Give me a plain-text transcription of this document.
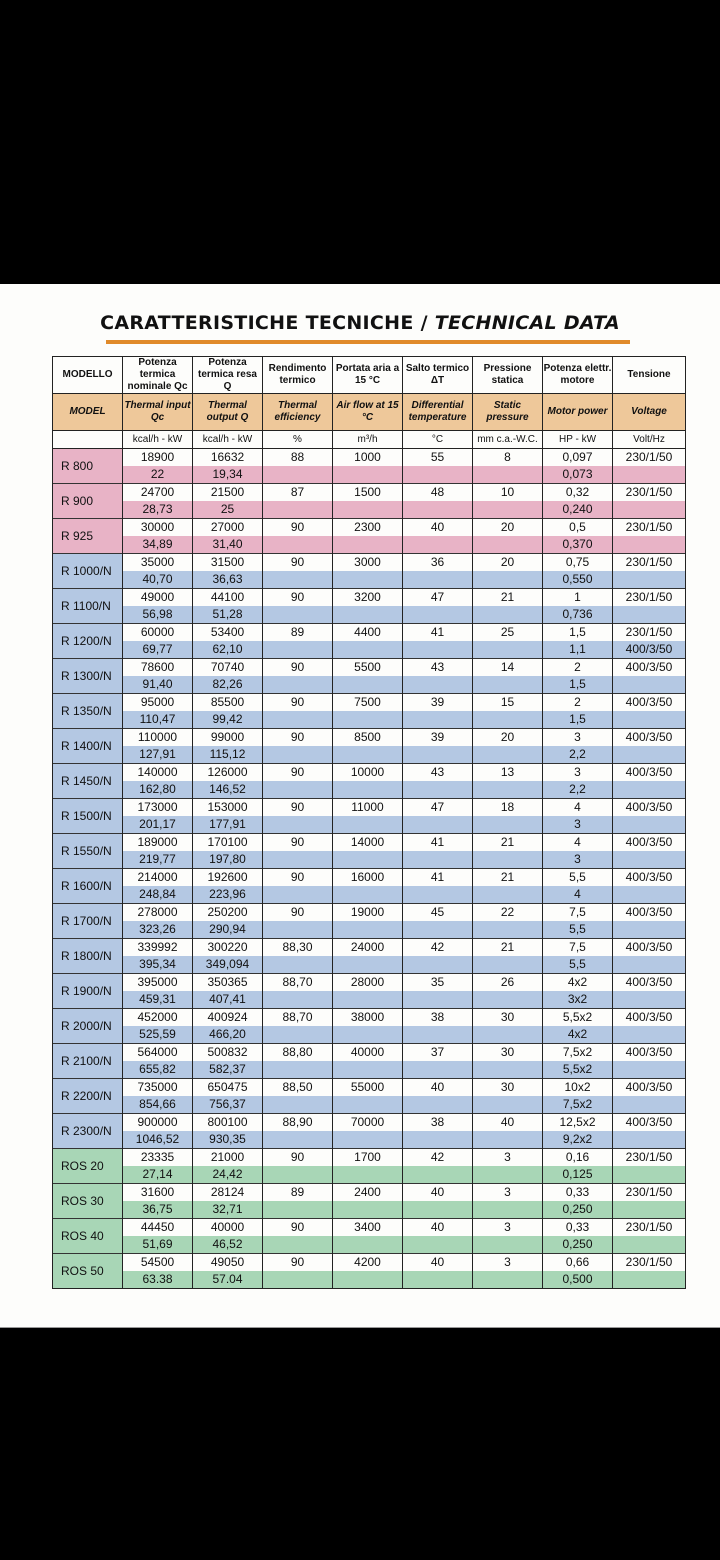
CARATTERISTICHE TECNICHE / TECHNICAL DATA
MODELLO	Potenza termica nominale Qc	Potenza termica resa Q	Rendimento termico	Portata aria a 15 °C	Salto termico ΔT	Pressione statica	Potenza elettr. motore	Tensione
MODEL	Thermal input Qc	Thermal output Q	Thermal efficiency	Air flow at 15 °C	Differential temperature	Static pressure	Motor power	Voltage
	kcal/h - kW	kcal/h - kW	%	m³/h	°C	mm c.a.-W.C.	HP - kW	Volt/Hz
R 800	18900	16632	88	1000	55	8	0,097	230/1/50
	22	19,34					0,073	
R 900	24700	21500	87	1500	48	10	0,32	230/1/50
	28,73	25					0,240	
R 925	30000	27000	90	2300	40	20	0,5	230/1/50
	34,89	31,40					0,370	
R 1000/N	35000	31500	90	3000	36	20	0,75	230/1/50
	40,70	36,63					0,550	
R 1100/N	49000	44100	90	3200	47	21	1	230/1/50
	56,98	51,28					0,736	
R 1200/N	60000	53400	89	4400	41	25	1,5	230/1/50
	69,77	62,10					1,1	400/3/50
R 1300/N	78600	70740	90	5500	43	14	2	400/3/50
	91,40	82,26					1,5	
R 1350/N	95000	85500	90	7500	39	15	2	400/3/50
	110,47	99,42					1,5	
R 1400/N	110000	99000	90	8500	39	20	3	400/3/50
	127,91	115,12					2,2	
R 1450/N	140000	126000	90	10000	43	13	3	400/3/50
	162,80	146,52					2,2	
R 1500/N	173000	153000	90	11000	47	18	4	400/3/50
	201,17	177,91					3	
R 1550/N	189000	170100	90	14000	41	21	4	400/3/50
	219,77	197,80					3	
R 1600/N	214000	192600	90	16000	41	21	5,5	400/3/50
	248,84	223,96					4	
R 1700/N	278000	250200	90	19000	45	22	7,5	400/3/50
	323,26	290,94					5,5	
R 1800/N	339992	300220	88,30	24000	42	21	7,5	400/3/50
	395,34	349,094					5,5	
R 1900/N	395000	350365	88,70	28000	35	26	4x2	400/3/50
	459,31	407,41					3x2	
R 2000/N	452000	400924	88,70	38000	38	30	5,5x2	400/3/50
	525,59	466,20					4x2	
R 2100/N	564000	500832	88,80	40000	37	30	7,5x2	400/3/50
	655,82	582,37					5,5x2	
R 2200/N	735000	650475	88,50	55000	40	30	10x2	400/3/50
	854,66	756,37					7,5x2	
R 2300/N	900000	800100	88,90	70000	38	40	12,5x2	400/3/50
	1046,52	930,35					9,2x2	
ROS 20	23335	21000	90	1700	42	3	0,16	230/1/50
	27,14	24,42					0,125	
ROS 30	31600	28124	89	2400	40	3	0,33	230/1/50
	36,75	32,71					0,250	
ROS 40	44450	40000	90	3400	40	3	0,33	230/1/50
	51,69	46,52					0,250	
ROS 50	54500	49050	90	4200	40	3	0,66	230/1/50
	63.38	57.04					0,500	
